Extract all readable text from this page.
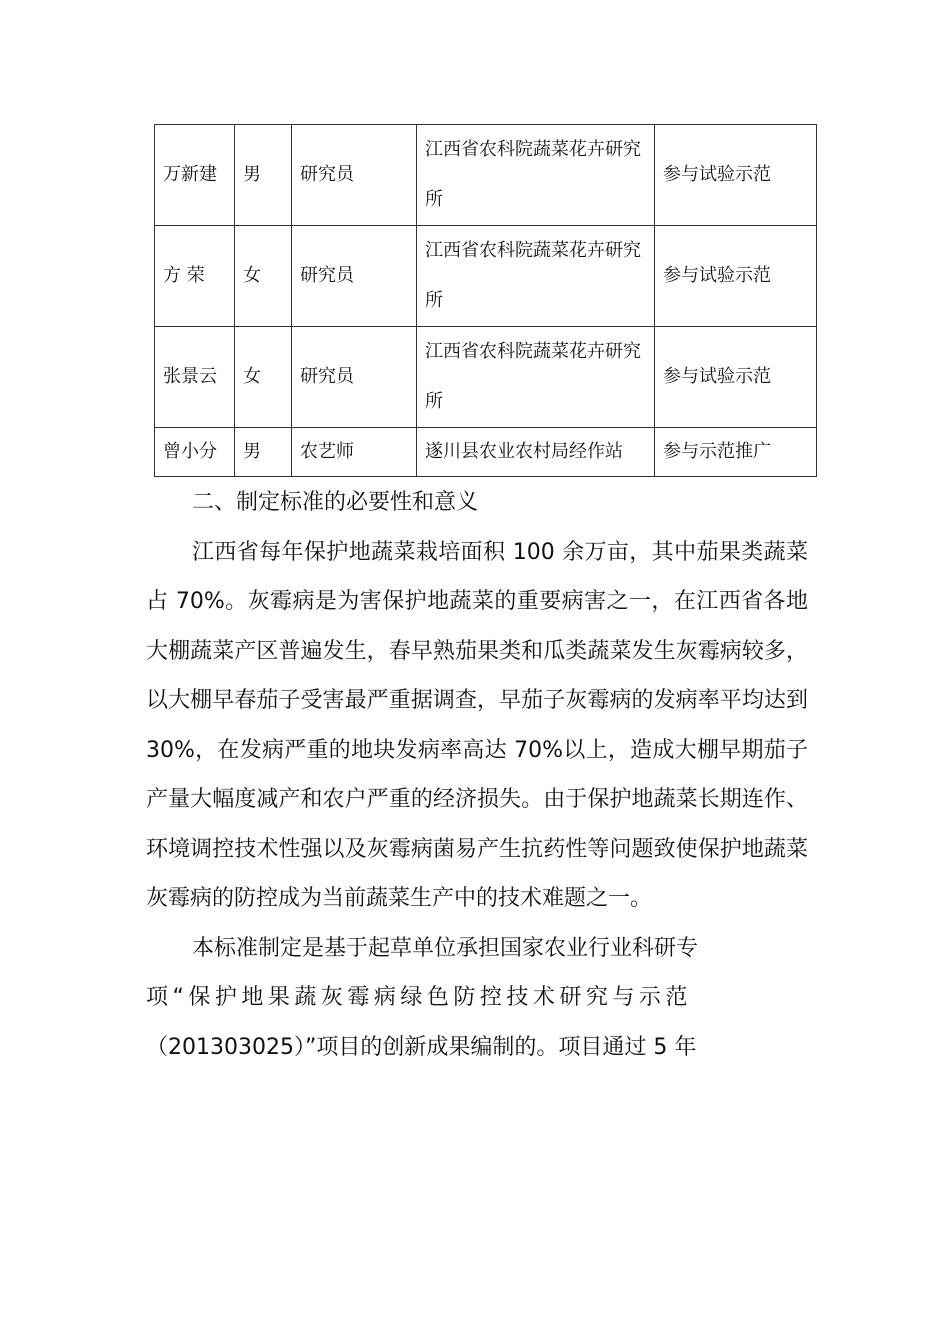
万新建	男	研究员	江西省农科院蔬菜花卉研究所	参与试验示范
方 荣	女	研究员	江西省农科院蔬菜花卉研究所	参与试验示范
张景云	女	研究员	江西省农科院蔬菜花卉研究所	参与试验示范
曾小分	男	农艺师	遂川县农业农村局经作站	参与示范推广

二、制定标准的必要性和意义

江西省每年保护地蔬菜栽培面积 100 余万亩，其中茄果类蔬菜占 70%。灰霉病是为害保护地蔬菜的重要病害之一，在江西省各地大棚蔬菜产区普遍发生，春早熟茄果类和瓜类蔬菜发生灰霉病较多，以大棚早春茄子受害最严重据调查，早茄子灰霉病的发病率平均达到 30%，在发病严重的地块发病率高达 70%以上，造成大棚早期茄子产量大幅度减产和农户严重的经济损失。由于保护地蔬菜长期连作、环境调控技术性强以及灰霉病菌易产生抗药性等问题致使保护地蔬菜灰霉病的防控成为当前蔬菜生产中的技术难题之一。

本标准制定是基于起草单位承担国家农业行业科研专

项“保护地果蔬灰霉病绿色防控技术研究与示范

（201303025）”项目的创新成果编制的。项目通过 5 年
